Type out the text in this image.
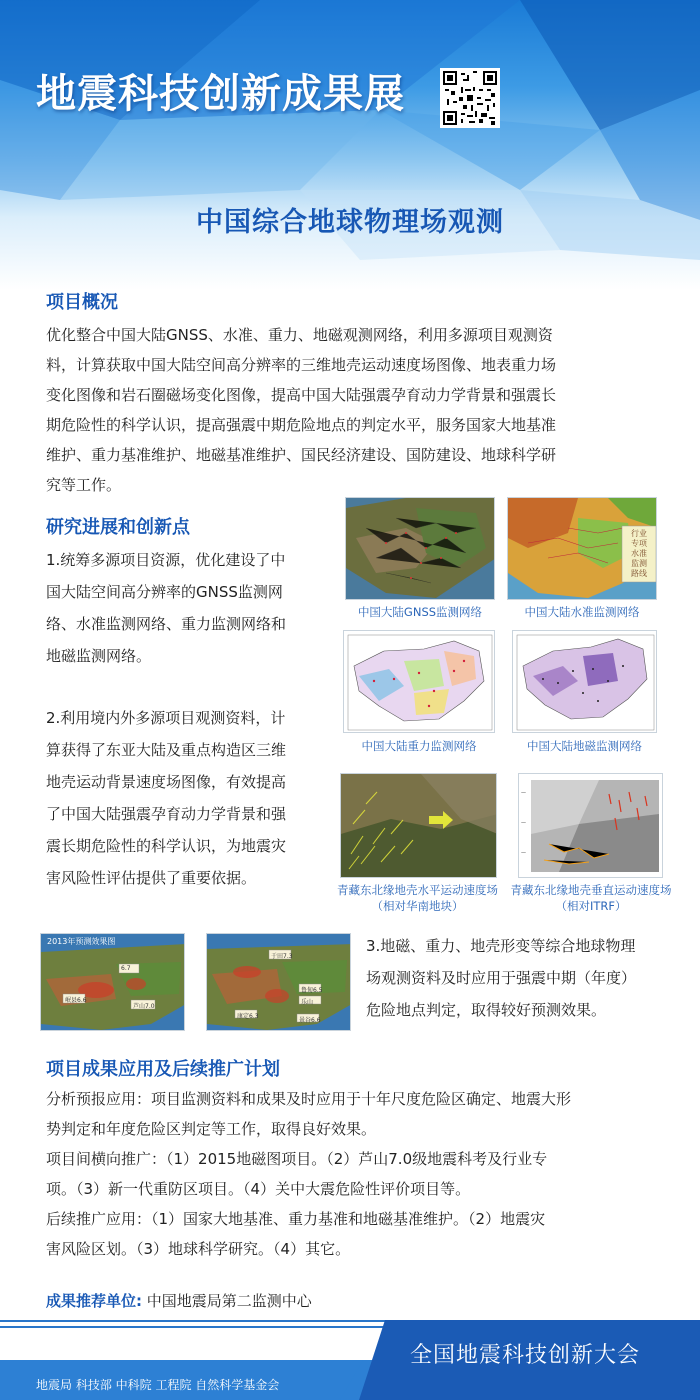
地震科技创新成果展
中国综合地球物理场观测
项目概况
优化整合中国大陆GNSS、水准、重力、地磁观测网络，利用多源项目观测资
料，计算获取中国大陆空间高分辨率的三维地壳运动速度场图像、地表重力场
变化图像和岩石圈磁场变化图像，提高中国大陆强震孕育动力学背景和强震长
期危险性的科学认识，提高强震中期危险地点的判定水平，服务国家大地基准
维护、重力基准维护、地磁基准维护、国民经济建设、国防建设、地球科学研
究等工作。
研究进展和创新点
1.统筹多源项目资源，优化建设了中
国大陆空间高分辨率的GNSS监测网
络、水准监测网络、重力监测网络和
地磁监测网络。
2.利用境内外多源项目观测资料，计
算获得了东亚大陆及重点构造区三维
地壳运动背景速度场图像，有效提高
了中国大陆强震孕育动力学背景和强
震长期危险性的科学认识，为地震灾
害风险性评估提供了重要依据。
中国大陆GNSS监测网络
行业
专项
水准
监测
路线
中国大陆水准监测网络
中国大陆重力监测网络	中国大陆地磁监测网络
青藏东北缘地壳水平运动速度场
（相对华南地块）
—
—
—
青藏东北缘地壳垂直运动速度场
（相对ITRF）
2013年预测效果图
6.7
岷县6.6
芦山7.0
于田7.3
鲁甸6.5
乐山
康定6.3
景谷6.6
3.地磁、重力、地壳形变等综合地球物理
场观测资料及时应用于强震中期（年度）
危险地点判定，取得较好预测效果。
项目成果应用及后续推广计划
分析预报应用：项目监测资料和成果及时应用于十年尺度危险区确定、地震大形
势判定和年度危险区判定等工作，取得良好效果。
项目间横向推广：（1）2015地磁图项目。（2）芦山7.0级地震科考及行业专
项。（3）新一代重防区项目。（4）关中大震危险性评价项目等。
后续推广应用：（1）国家大地基准、重力基准和地磁基准维护。（2）地震灾
害风险区划。（3）地球科学研究。（4）其它。
成果推荐单位: 中国地震局第二监测中心
全国地震科技创新大会
地震局 科技部 中科院 工程院 自然科学基金会
